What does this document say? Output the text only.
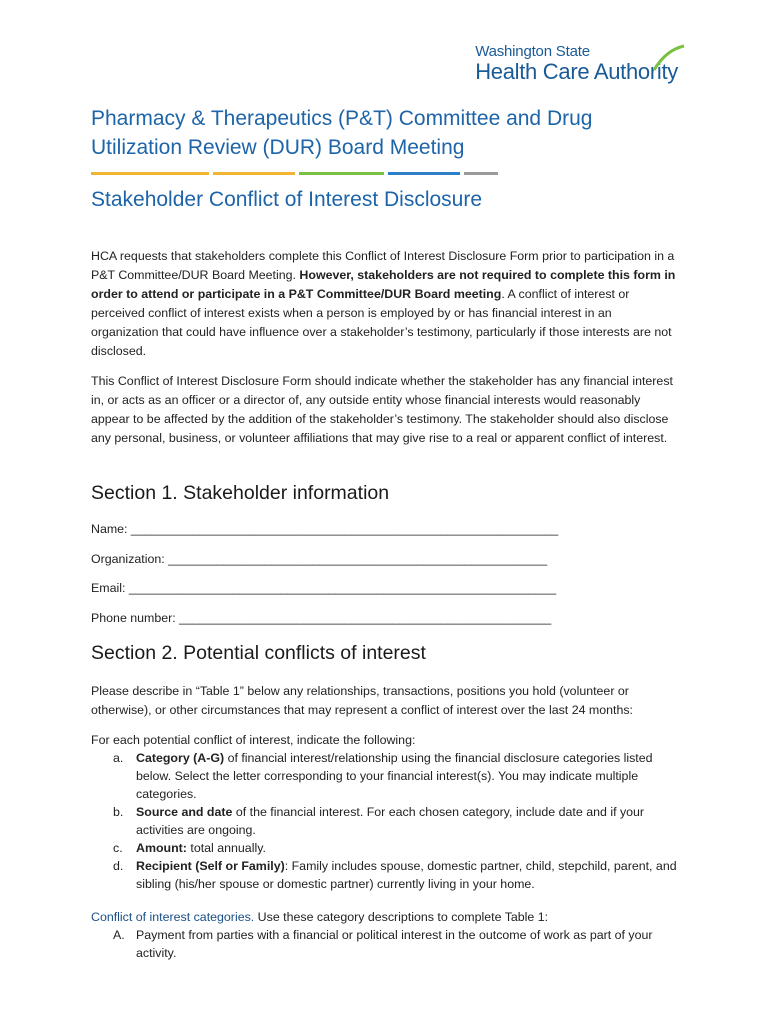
Washington State
Health Care Authority
Pharmacy & Therapeutics (P&T) Committee and Drug
Utilization Review (DUR) Board Meeting
Stakeholder Conflict of Interest Disclosure
HCA requests that stakeholders complete this Conflict of Interest Disclosure Form prior to participation in a P&T Committee/DUR Board Meeting. However, stakeholders are not required to complete this form in order to attend or participate in a P&T Committee/DUR Board meeting. A conflict of interest or perceived conflict of interest exists when a person is employed by or has financial interest in an organization that could have influence over a stakeholder’s testimony, particularly if those interests are not disclosed.
This Conflict of Interest Disclosure Form should indicate whether the stakeholder has any financial interest in, or acts as an officer or a director of, any outside entity whose financial interests would reasonably appear to be affected by the addition of the stakeholder’s testimony. The stakeholder should also disclose any personal, business, or volunteer affiliations that may give rise to a real or apparent conflict of interest.
Section 1. Stakeholder information
Name: ______________________________________________________________
Organization: _______________________________________________________
Email: ______________________________________________________________
Phone number: ______________________________________________________
Section 2. Potential conflicts of interest
Please describe in “Table 1” below any relationships, transactions, positions you hold (volunteer or otherwise), or other circumstances that may represent a conflict of interest over the last 24 months:
For each potential conflict of interest, indicate the following:
a. Category (A-G) of financial interest/relationship using the financial disclosure categories listed below. Select the letter corresponding to your financial interest(s). You may indicate multiple categories.
b. Source and date of the financial interest. For each chosen category, include date and if your activities are ongoing.
c. Amount: total annually.
d. Recipient (Self or Family): Family includes spouse, domestic partner, child, stepchild, parent, and sibling (his/her spouse or domestic partner) currently living in your home.
Conflict of interest categories. Use these category descriptions to complete Table 1:
A. Payment from parties with a financial or political interest in the outcome of work as part of your activity.
